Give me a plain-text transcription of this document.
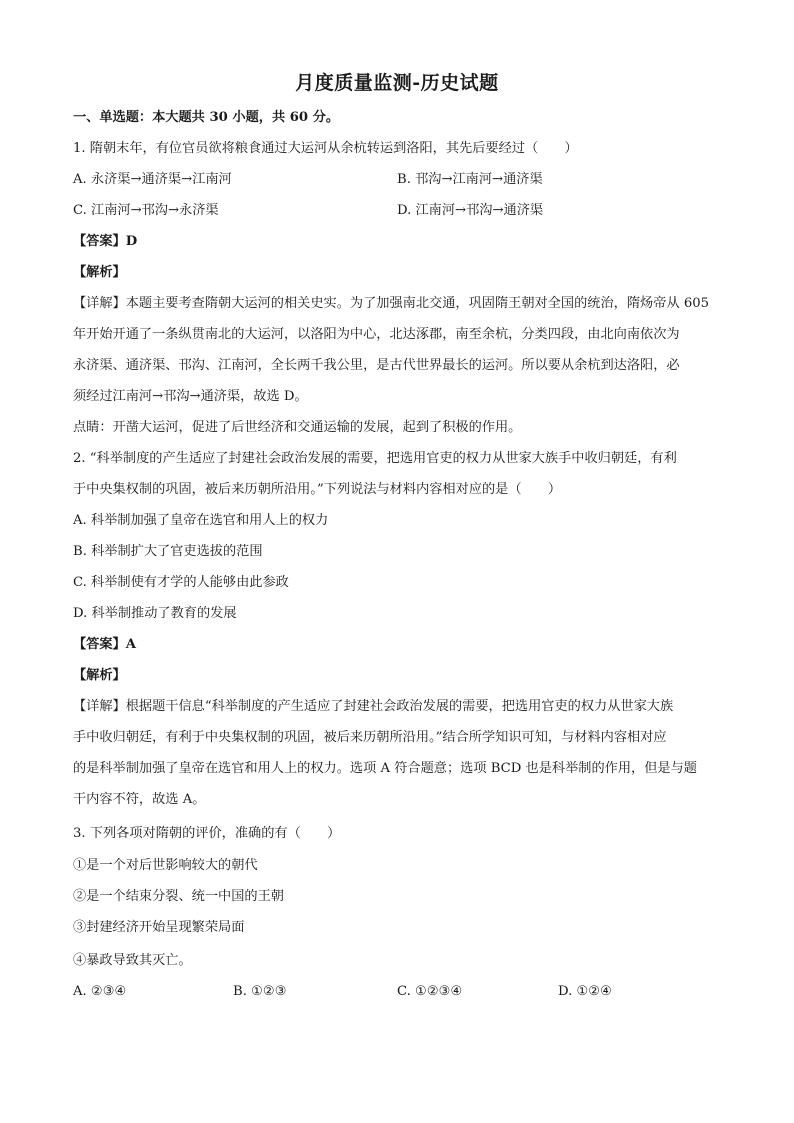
月度质量监测-历史试题
一、单选题：本大题共 30 小题，共 60 分。
1. 隋朝末年，有位官员欲将粮食通过大运河从余杭转运到洛阳，其先后要经过（　　）
A. 永济渠→通济渠→江南河	B. 邗沟→江南河→通济渠
C. 江南河→邗沟→永济渠	D. 江南河→邗沟→通济渠
【答案】D
【解析】
【详解】本题主要考查隋朝大运河的相关史实。为了加强南北交通，巩固隋王朝对全国的统治，隋炀帝从 605
年开始开通了一条纵贯南北的大运河，以洛阳为中心，北达涿郡，南至余杭，分类四段，由北向南依次为
永济渠、通济渠、邗沟、江南河，全长两千我公里，是古代世界最长的运河。所以要从余杭到达洛阳，必
须经过江南河→邗沟→通济渠，故选 D。
点睛：开凿大运河，促进了后世经济和交通运输的发展，起到了积极的作用。
2. “科举制度的产生适应了封建社会政治发展的需要，把选用官吏的权力从世家大族手中收归朝廷，有利
于中央集权制的巩固，被后来历朝所沿用。”下列说法与材料内容相对应的是（　　）
A. 科举制加强了皇帝在选官和用人上的权力
B. 科举制扩大了官吏选拔的范围
C. 科举制使有才学的人能够由此参政
D. 科举制推动了教育的发展
【答案】A
【解析】
【详解】根据题干信息“科举制度的产生适应了封建社会政治发展的需要，把选用官吏的权力从世家大族
手中收归朝廷，有利于中央集权制的巩固，被后来历朝所沿用。”结合所学知识可知，与材料内容相对应
的是科举制加强了皇帝在选官和用人上的权力。选项 A 符合题意；选项 BCD 也是科举制的作用，但是与题
干内容不符，故选 A。
3. 下列各项对隋朝的评价，准确的有（　　）
①是一个对后世影响较大的朝代
②是一个结束分裂、统一中国的王朝
③封建经济开始呈现繁荣局面
④暴政导致其灭亡。
A. ②③④	B. ①②③	C. ①②③④	D. ①②④
